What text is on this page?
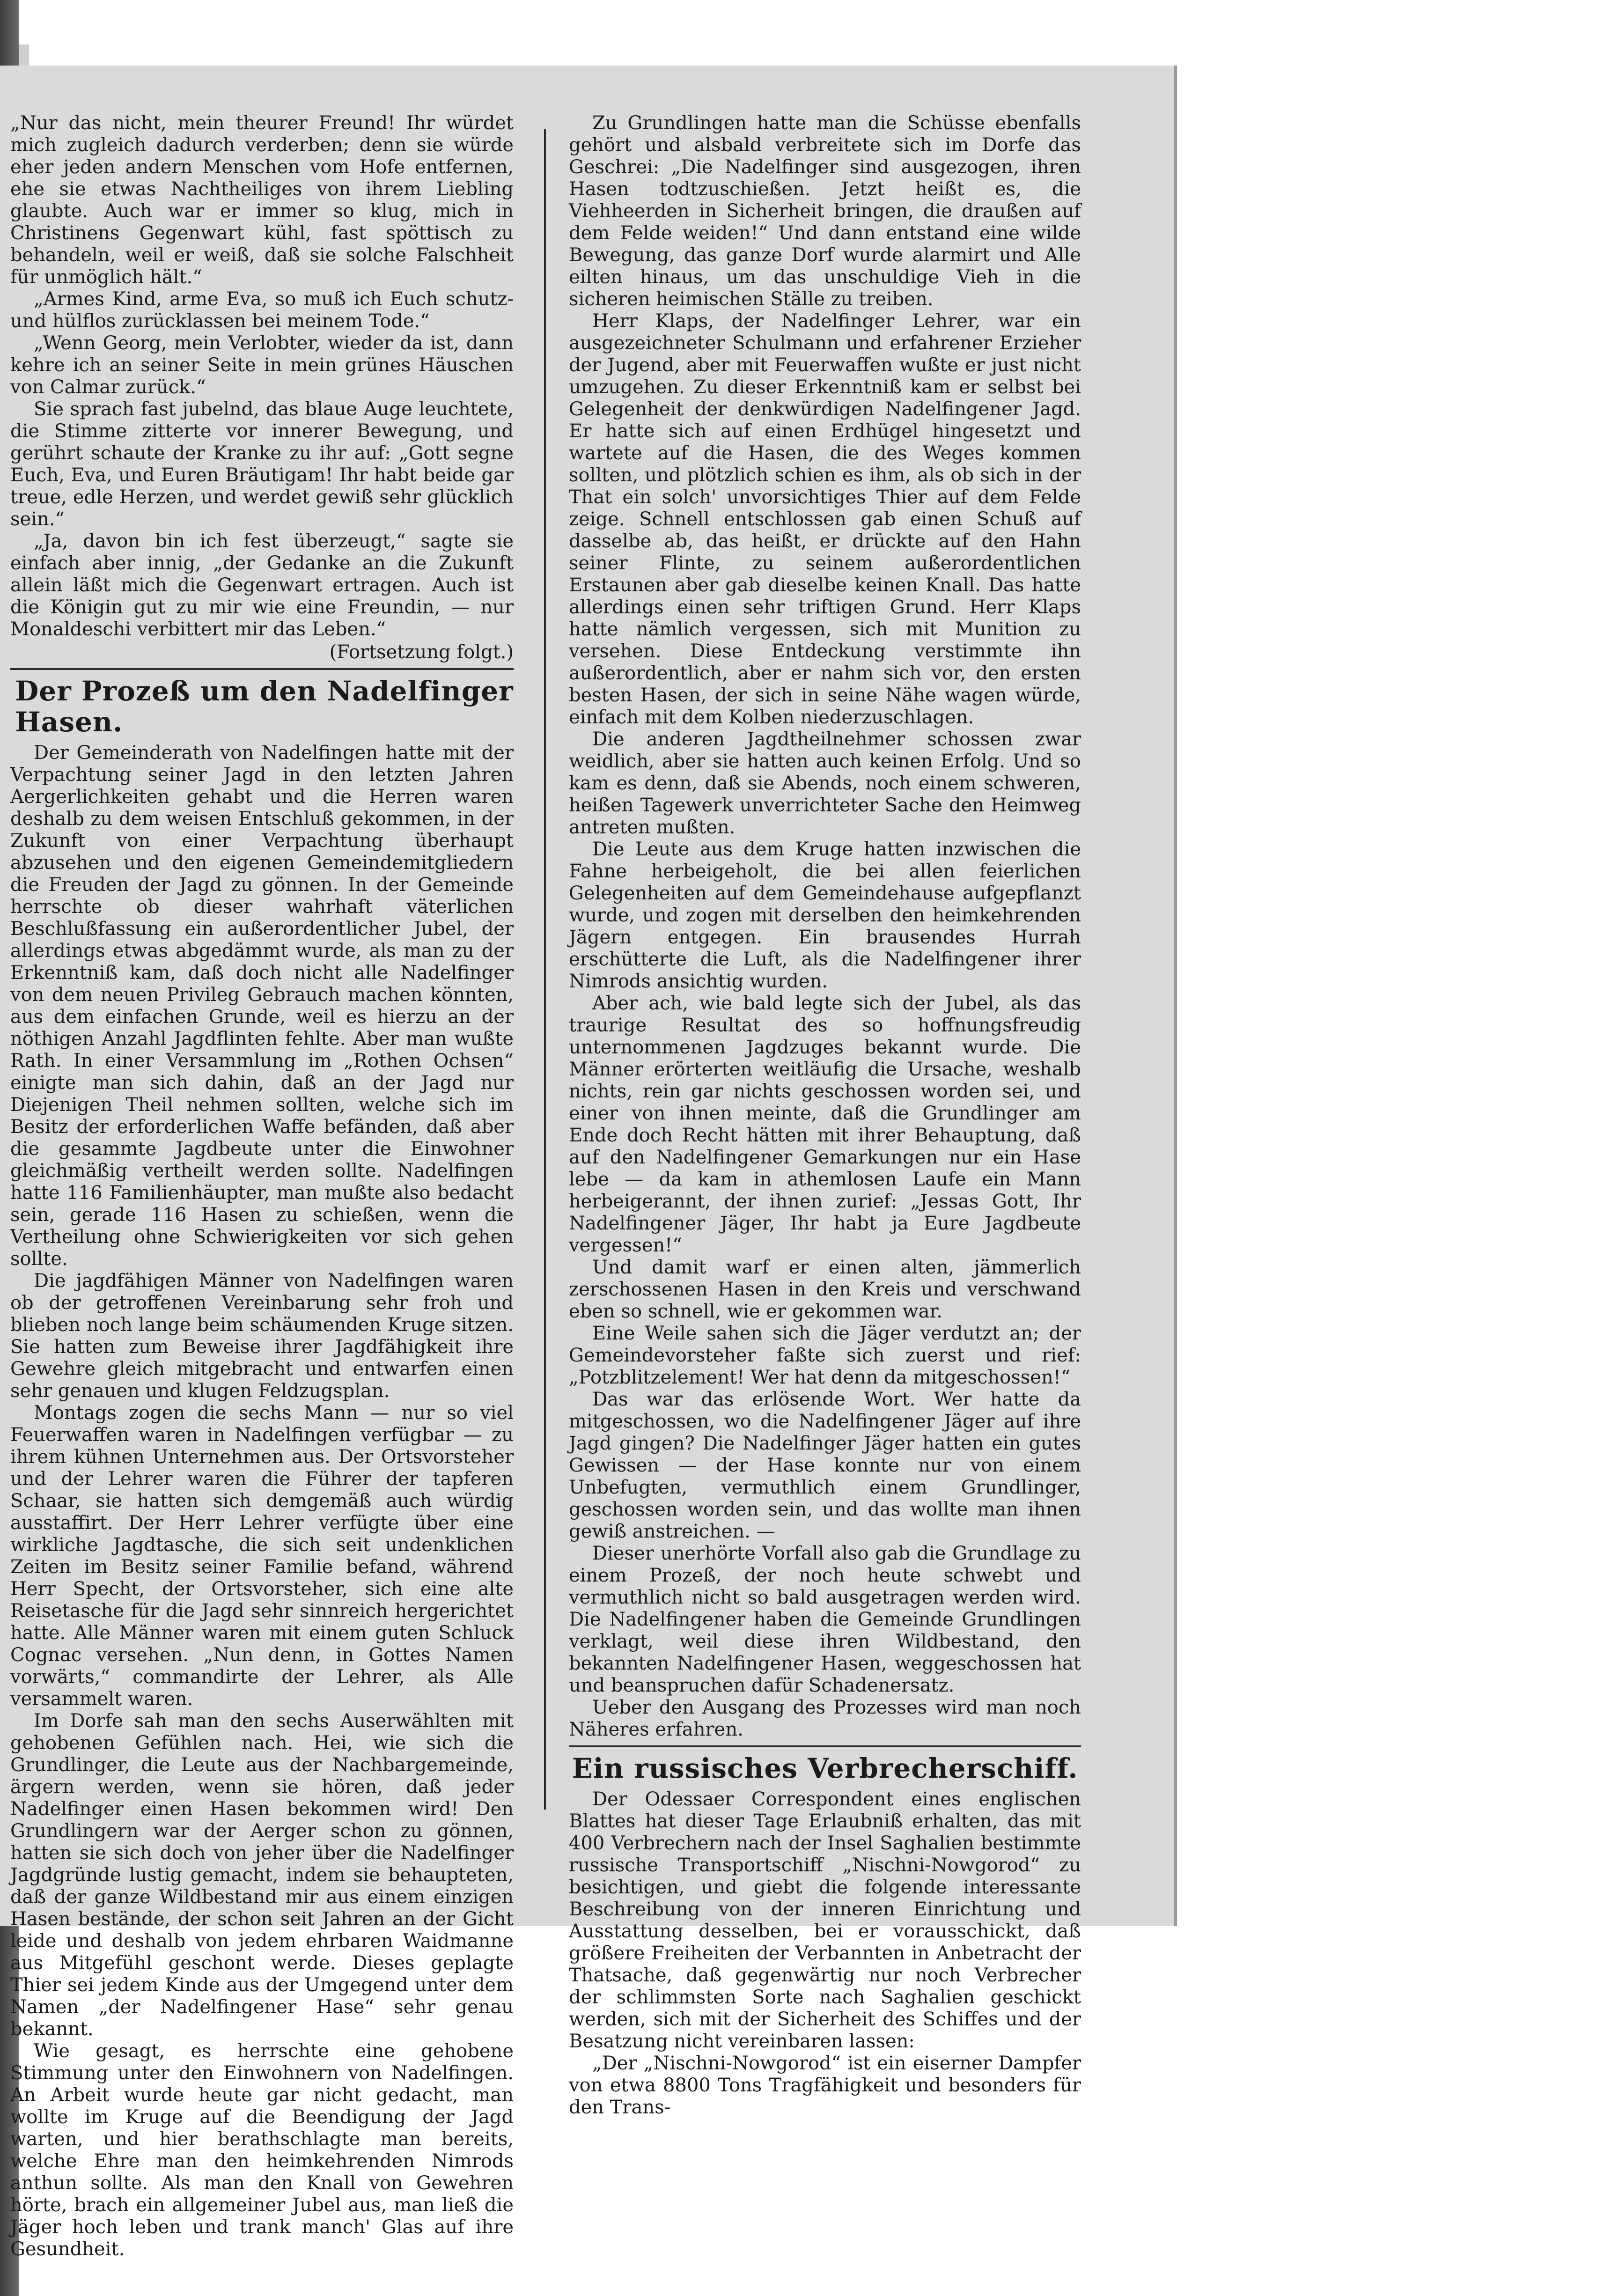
„Nur das nicht, mein theurer Freund! Ihr würdet mich zugleich dadurch verderben; denn sie würde eher jeden andern Menschen vom Hofe entfernen, ehe sie etwas Nachtheiliges von ihrem Liebling glaubte. Auch war er immer so klug, mich in Christinens Gegenwart kühl, fast spöttisch zu behandeln, weil er weiß, daß sie solche Falschheit für unmöglich hält.“

„Armes Kind, arme Eva, so muß ich Euch schutz- und hülflos zurücklassen bei meinem Tode.“

„Wenn Georg, mein Verlobter, wieder da ist, dann kehre ich an seiner Seite in mein grünes Häuschen von Calmar zurück.“

Sie sprach fast jubelnd, das blaue Auge leuchtete, die Stimme zitterte vor innerer Bewegung, und gerührt schaute der Kranke zu ihr auf: „Gott segne Euch, Eva, und Euren Bräutigam! Ihr habt beide gar treue, edle Herzen, und werdet gewiß sehr glücklich sein.“

„Ja, davon bin ich fest überzeugt,“ sagte sie einfach aber innig, „der Gedanke an die Zukunft allein läßt mich die Gegenwart ertragen. Auch ist die Königin gut zu mir wie eine Freundin, — nur Monaldeschi verbittert mir das Leben.“

(Fortsetzung folgt.)
Der Prozeß um den Nadelfinger Hasen.

Der Gemeinderath von Nadelfingen hatte mit der Verpachtung seiner Jagd in den letzten Jahren Aergerlichkeiten gehabt und die Herren waren deshalb zu dem weisen Entschluß gekommen, in der Zukunft von einer Verpachtung überhaupt abzusehen und den eigenen Gemeindemitgliedern die Freuden der Jagd zu gönnen. In der Gemeinde herrschte ob dieser wahrhaft väterlichen Beschlußfassung ein außerordentlicher Jubel, der allerdings etwas abgedämmt wurde, als man zu der Erkenntniß kam, daß doch nicht alle Nadelfinger von dem neuen Privileg Gebrauch machen könnten, aus dem einfachen Grunde, weil es hierzu an der nöthigen Anzahl Jagdflinten fehlte. Aber man wußte Rath. In einer Versammlung im „Rothen Ochsen“ einigte man sich dahin, daß an der Jagd nur Diejenigen Theil nehmen sollten, welche sich im Besitz der erforderlichen Waffe befänden, daß aber die gesammte Jagdbeute unter die Einwohner gleichmäßig vertheilt werden sollte. Nadelfingen hatte 116 Familienhäupter, man mußte also bedacht sein, gerade 116 Hasen zu schießen, wenn die Vertheilung ohne Schwierigkeiten vor sich gehen sollte.

Die jagdfähigen Männer von Nadelfingen waren ob der getroffenen Vereinbarung sehr froh und blieben noch lange beim schäumenden Kruge sitzen. Sie hatten zum Beweise ihrer Jagdfähigkeit ihre Gewehre gleich mitgebracht und entwarfen einen sehr genauen und klugen Feldzugsplan.

Montags zogen die sechs Mann — nur so viel Feuerwaffen waren in Nadelfingen verfügbar — zu ihrem kühnen Unternehmen aus. Der Ortsvorsteher und der Lehrer waren die Führer der tapferen Schaar, sie hatten sich demgemäß auch würdig ausstaffirt. Der Herr Lehrer verfügte über eine wirkliche Jagdtasche, die sich seit undenklichen Zeiten im Besitz seiner Familie befand, während Herr Specht, der Ortsvorsteher, sich eine alte Reisetasche für die Jagd sehr sinnreich hergerichtet hatte. Alle Männer waren mit einem guten Schluck Cognac versehen. „Nun denn, in Gottes Namen vorwärts,“ commandirte der Lehrer, als Alle versammelt waren.

Im Dorfe sah man den sechs Auserwählten mit gehobenen Gefühlen nach. Hei, wie sich die Grundlinger, die Leute aus der Nachbargemeinde, ärgern werden, wenn sie hören, daß jeder Nadelfinger einen Hasen bekommen wird! Den Grundlingern war der Aerger schon zu gönnen, hatten sie sich doch von jeher über die Nadelfinger Jagdgründe lustig gemacht, indem sie behaupteten, daß der ganze Wildbestand mir aus einem einzigen Hasen bestände, der schon seit Jahren an der Gicht leide und deshalb von jedem ehrbaren Waidmanne aus Mitgefühl geschont werde. Dieses geplagte Thier sei jedem Kinde aus der Umgegend unter dem Namen „der Nadelfingener Hase“ sehr genau bekannt.

Wie gesagt, es herrschte eine gehobene Stimmung unter den Einwohnern von Nadelfingen. An Arbeit wurde heute gar nicht gedacht, man wollte im Kruge auf die Beendigung der Jagd warten, und hier berathschlagte man bereits, welche Ehre man den heimkehrenden Nimrods anthun sollte. Als man den Knall von Gewehren hörte, brach ein allgemeiner Jubel aus, man ließ die Jäger hoch leben und trank manch' Glas auf ihre Gesundheit.

Zu Grundlingen hatte man die Schüsse ebenfalls gehört und alsbald verbreitete sich im Dorfe das Geschrei: „Die Nadelfinger sind ausgezogen, ihren Hasen todtzuschießen. Jetzt heißt es, die Viehheerden in Sicherheit bringen, die draußen auf dem Felde weiden!“ Und dann entstand eine wilde Bewegung, das ganze Dorf wurde alarmirt und Alle eilten hinaus, um das unschuldige Vieh in die sicheren heimischen Ställe zu treiben.

Herr Klaps, der Nadelfinger Lehrer, war ein ausgezeichneter Schulmann und erfahrener Erzieher der Jugend, aber mit Feuerwaffen wußte er just nicht umzugehen. Zu dieser Erkenntniß kam er selbst bei Gelegenheit der denkwürdigen Nadelfingener Jagd. Er hatte sich auf einen Erdhügel hingesetzt und wartete auf die Hasen, die des Weges kommen sollten, und plötzlich schien es ihm, als ob sich in der That ein solch' unvorsichtiges Thier auf dem Felde zeige. Schnell entschlossen gab einen Schuß auf dasselbe ab, das heißt, er drückte auf den Hahn seiner Flinte, zu seinem außerordentlichen Erstaunen aber gab dieselbe keinen Knall. Das hatte allerdings einen sehr triftigen Grund. Herr Klaps hatte nämlich vergessen, sich mit Munition zu versehen. Diese Entdeckung verstimmte ihn außerordentlich, aber er nahm sich vor, den ersten besten Hasen, der sich in seine Nähe wagen würde, einfach mit dem Kolben niederzuschlagen.

Die anderen Jagdtheilnehmer schossen zwar weidlich, aber sie hatten auch keinen Erfolg. Und so kam es denn, daß sie Abends, noch einem schweren, heißen Tagewerk unverrichteter Sache den Heimweg antreten mußten.

Die Leute aus dem Kruge hatten inzwischen die Fahne herbeigeholt, die bei allen feierlichen Gelegenheiten auf dem Gemeindehause aufgepflanzt wurde, und zogen mit derselben den heimkehrenden Jägern entgegen. Ein brausendes Hurrah erschütterte die Luft, als die Nadelfingener ihrer Nimrods ansichtig wurden.

Aber ach, wie bald legte sich der Jubel, als das traurige Resultat des so hoffnungsfreudig unternommenen Jagdzuges bekannt wurde. Die Männer erörterten weitläufig die Ursache, weshalb nichts, rein gar nichts geschossen worden sei, und einer von ihnen meinte, daß die Grundlinger am Ende doch Recht hätten mit ihrer Behauptung, daß auf den Nadelfingener Gemarkungen nur ein Hase lebe — da kam in athemlosen Laufe ein Mann herbeigerannt, der ihnen zurief: „Jessas Gott, Ihr Nadelfingener Jäger, Ihr habt ja Eure Jagdbeute vergessen!“

Und damit warf er einen alten, jämmerlich zerschossenen Hasen in den Kreis und verschwand eben so schnell, wie er gekommen war.

Eine Weile sahen sich die Jäger verdutzt an; der Gemeindevorsteher faßte sich zuerst und rief: „Potzblitzelement! Wer hat denn da mitgeschossen!“

Das war das erlösende Wort. Wer hatte da mitgeschossen, wo die Nadelfingener Jäger auf ihre Jagd gingen? Die Nadelfinger Jäger hatten ein gutes Gewissen — der Hase konnte nur von einem Unbefugten, vermuthlich einem Grundlinger, geschossen worden sein, und das wollte man ihnen gewiß anstreichen. —

Dieser unerhörte Vorfall also gab die Grundlage zu einem Prozeß, der noch heute schwebt und vermuthlich nicht so bald ausgetragen werden wird. Die Nadelfingener haben die Gemeinde Grundlingen verklagt, weil diese ihren Wildbestand, den bekannten Nadelfingener Hasen, weggeschossen hat und beanspruchen dafür Schadenersatz.

Ueber den Ausgang des Prozesses wird man noch Näheres erfahren.

Ein russisches Verbrecherschiff.

Der Odessaer Correspondent eines englischen Blattes hat dieser Tage Erlaubniß erhalten, das mit 400 Verbrechern nach der Insel Saghalien bestimmte russische Transportschiff „Nischni-Nowgorod“ zu besichtigen, und giebt die folgende interessante Beschreibung von der inneren Einrichtung und Ausstattung desselben, bei er vorausschickt, daß größere Freiheiten der Verbannten in Anbetracht der Thatsache, daß gegenwärtig nur noch Verbrecher der schlimmsten Sorte nach Saghalien geschickt werden, sich mit der Sicherheit des Schiffes und der Besatzung nicht vereinbaren lassen:

„Der „Nischni-Nowgorod“ ist ein eiserner Dampfer von etwa 8800 Tons Tragfähigkeit und besonders für den Trans-
